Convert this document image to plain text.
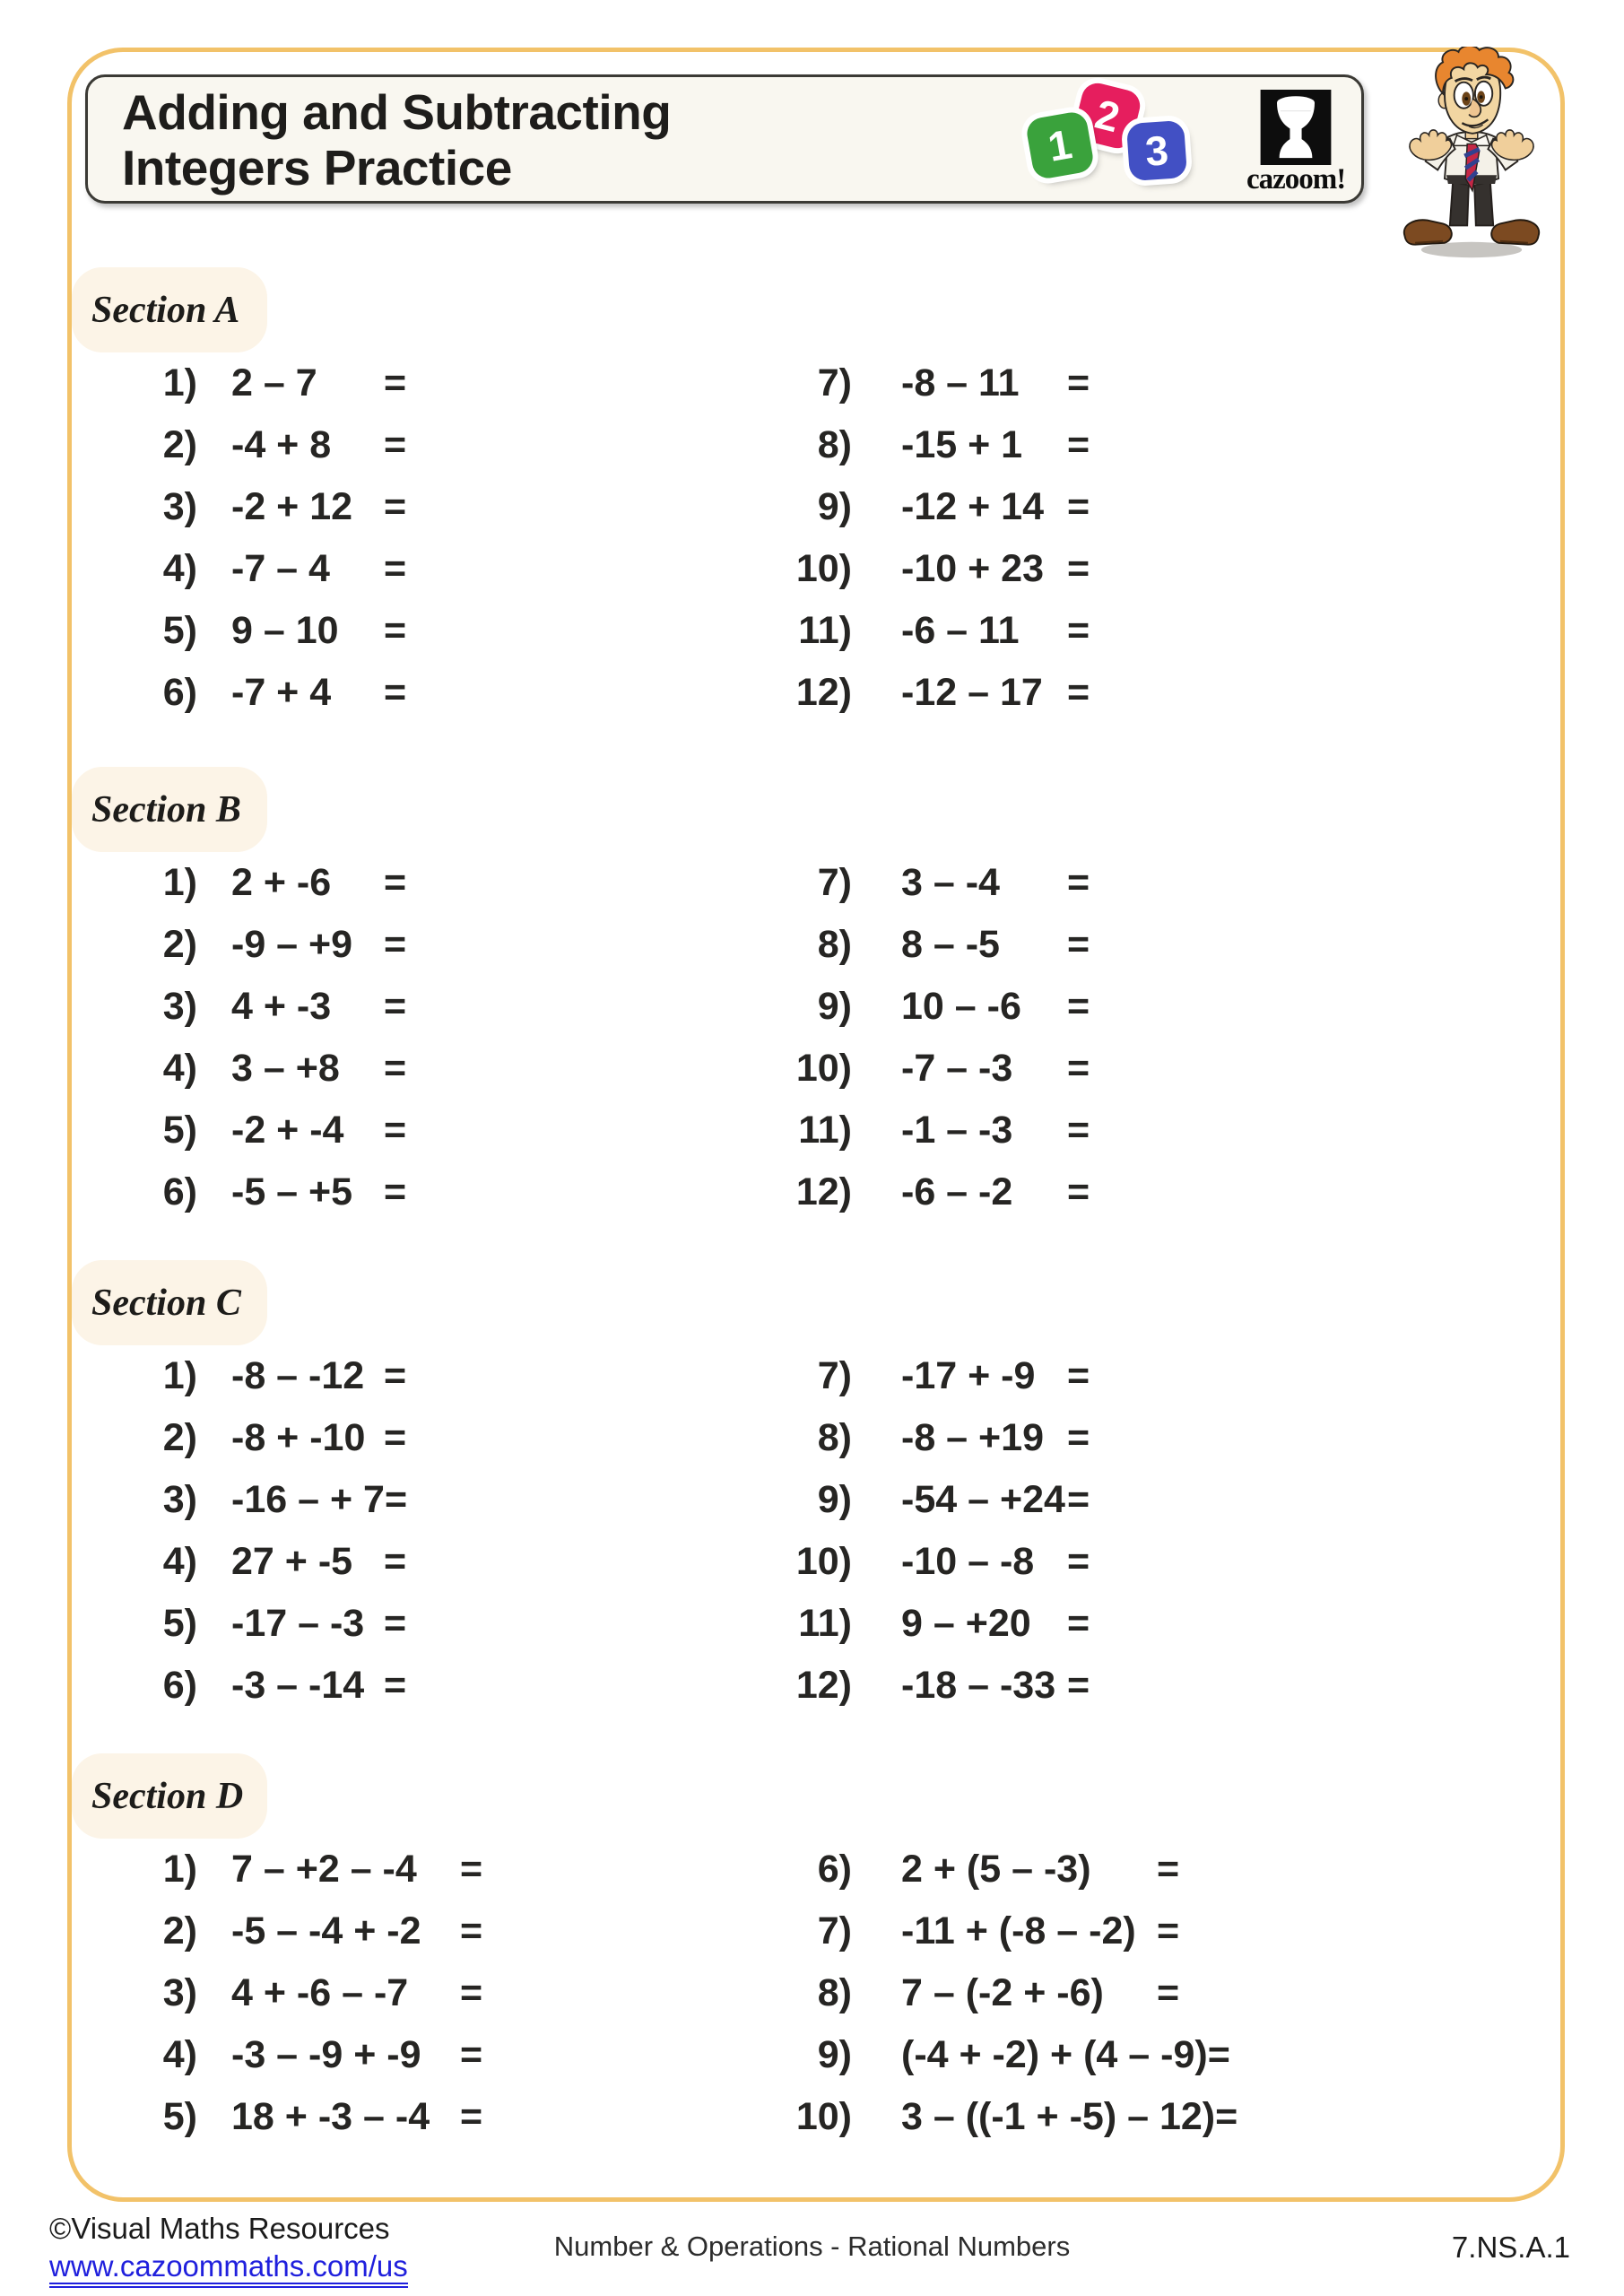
Adding and Subtracting
Integers Practice	1
2
3
cazoom!
Section A
1) 2 – 7	=
2) -4 + 8	=
3) -2 + 12 =
4) -7 – 4	=
5) 9 – 10	=
6) -7 + 4	=
7) -8 – 11	=
8) -15 + 1	=
9) -12 + 14 =
10) -10 + 23 =
11) -6 – 11	=
12) -12 – 17 =
Section B
1) 2 + -6	=
2) -9 – +9 =
3) 4 + -3	=
4) 3 – +8	=
5) -2 + -4	=
6) -5 – +5 =
7) 3 – -4	=
8) 8 – -5	=
9) 10 – -6	=
10) -7 – -3	=
11) -1 – -3	=
12) -6 – -2	=
Section C
1) -8 – -12 =
2) -8 + -10 =
3) -16 – + 7 =
4) 27 + -5 =
5) -17 – -3 =
6) -3 – -14 =
7) -17 + -9 =
8) -8 – +19 =
9) -54 – +24 =
10) -10 – -8 =
11) 9 – +20 =
12) -18 – -33 =
Section D
1) 7 – +2 – -4	=
2) -5 – -4 + -2	=
3) 4 + -6 – -7	=
4) -3 – -9 + -9	=
5) 18 + -3 – -4 =
6) 2 + (5 – -3)	=
7) -11 + (-8 – -2) =
8) 7 – (-2 + -6)	=
9) (-4 + -2) + (4 – -9) =
10) 3 – ((-1 + -5) – 12) =
©Visual Maths Resources
www.cazoommaths.com/us
Number & Operations - Rational Numbers	7.NS.A.1
